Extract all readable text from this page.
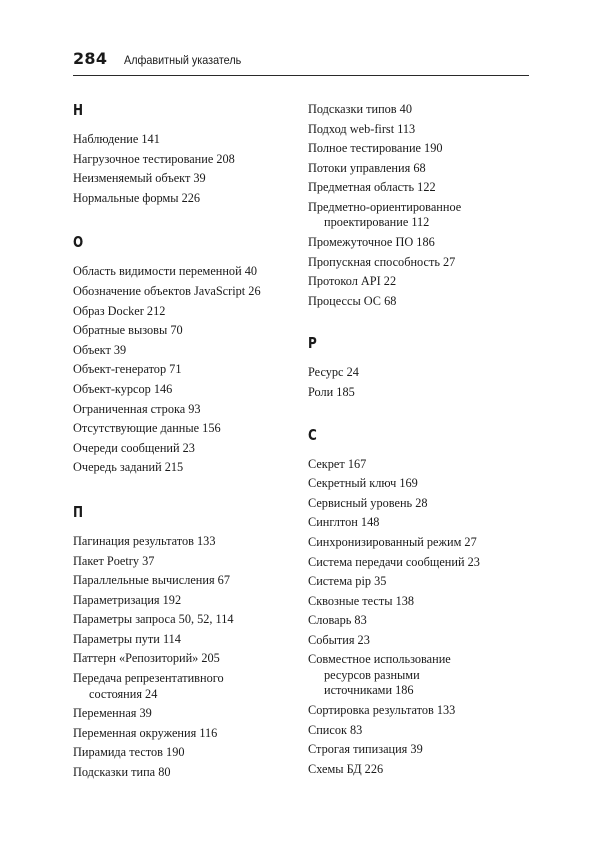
284 Алфавитный указатель
Н
Наблюдение 141
Нагрузочное тестирование 208
Неизменяемый объект 39
Нормальные формы 226
О
Область видимости переменной 40
Обозначение объектов JavaScript 26
Образ Docker 212
Обратные вызовы 70
Объект 39
Объект-генератор 71
Объект-курсор 146
Ограниченная строка 93
Отсутствующие данные 156
Очереди сообщений 23
Очередь заданий 215
П
Пагинация результатов 133
Пакет Poetry 37
Параллельные вычисления 67
Параметризация 192
Параметры запроса 50, 52, 114
Параметры пути 114
Паттерн «Репозиторий» 205
Передача репрезентативного
состояния 24
Переменная 39
Переменная окружения 116
Пирамида тестов 190
Подсказки типа 80
Подсказки типов 40
Подход web-first 113
Полное тестирование 190
Потоки управления 68
Предметная область 122
Предметно-ориентированное
проектирование 112
Промежуточное ПО 186
Пропускная способность 27
Протокол API 22
Процессы ОС 68
Р
Ресурс 24
Роли 185
С
Секрет 167
Секретный ключ 169
Сервисный уровень 28
Синглтон 148
Синхронизированный режим 27
Система передачи сообщений 23
Система pip 35
Сквозные тесты 138
Словарь 83
События 23
Совместное использование
ресурсов разными
источниками 186
Сортировка результатов 133
Список 83
Строгая типизация 39
Схемы БД 226
